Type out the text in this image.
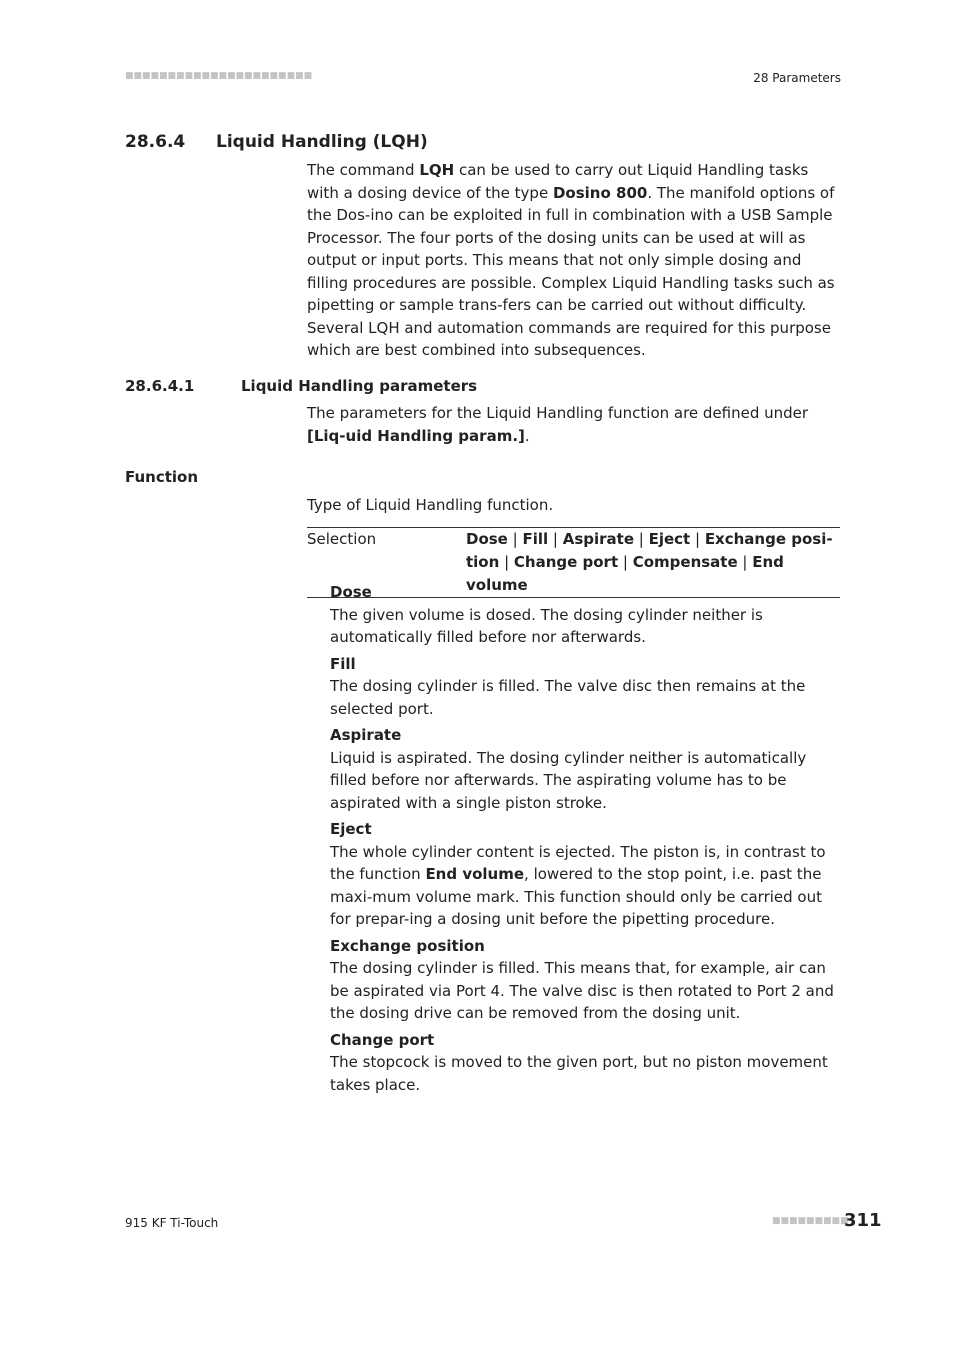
■■■■■■■■■■■■■■■■■■■■■■	28 Parameters
28.6.4 Liquid Handling (LQH)
The command LQH can be used to carry out Liquid Handling tasks with a dosing device of the type Dosino 800. The manifold options of the Dos-ino can be exploited in full in combination with a USB Sample Processor. The four ports of the dosing units can be used at will as output or input ports. This means that not only simple dosing and filling procedures are possible. Complex Liquid Handling tasks such as pipetting or sample trans-fers can be carried out without difficulty. Several LQH and automation commands are required for this purpose which are best combined into subsequences.
28.6.4.1	Liquid Handling parameters
The parameters for the Liquid Handling function are defined under [Liq-uid Handling param.].
Function
Type of Liquid Handling function.
Selection	Dose | Fill | Aspirate | Eject | Exchange posi-tion | Change port | Compensate | End volume
Dose
The given volume is dosed. The dosing cylinder neither is automatically filled before nor afterwards.
Fill
The dosing cylinder is filled. The valve disc then remains at the selected port.
Aspirate
Liquid is aspirated. The dosing cylinder neither is automatically filled before nor afterwards. The aspirating volume has to be aspirated with a single piston stroke.
Eject
The whole cylinder content is ejected. The piston is, in contrast to the function End volume, lowered to the stop point, i.e. past the maxi-mum volume mark. This function should only be carried out for prepar-ing a dosing unit before the pipetting procedure.
Exchange position
The dosing cylinder is filled. This means that, for example, air can be aspirated via Port 4. The valve disc is then rotated to Port 2 and the dosing drive can be removed from the dosing unit.
Change port
The stopcock is moved to the given port, but no piston movement takes place.
915 KF Ti-Touch	■■■■■■■■■
311
